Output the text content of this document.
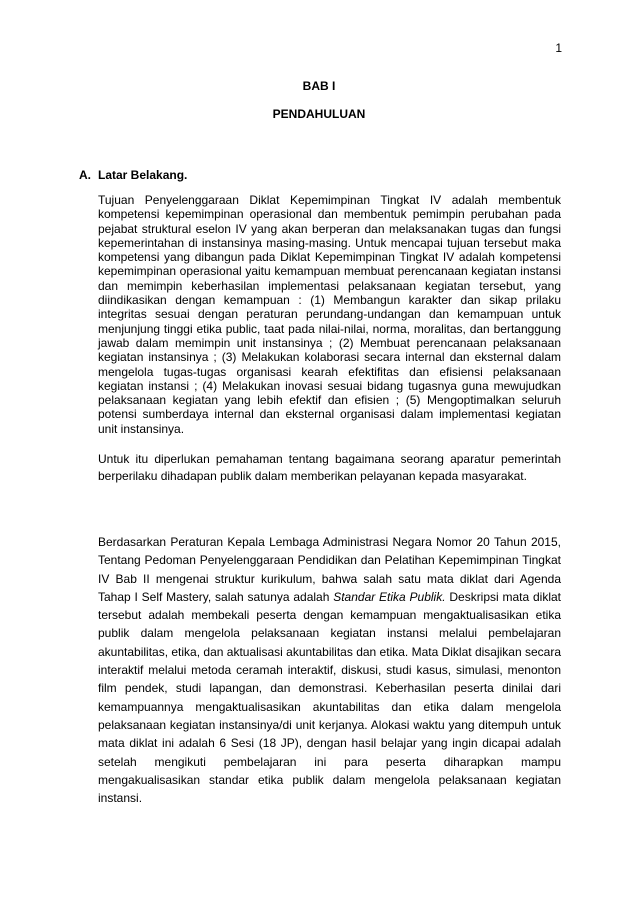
1
BAB I
PENDAHULUAN
A. Latar Belakang.

Tujuan Penyelenggaraan Diklat Kepemimpinan Tingkat IV adalah membentuk kompetensi kepemimpinan operasional dan membentuk pemimpin perubahan pada pejabat struktural eselon IV yang akan berperan dan melaksanakan tugas dan fungsi kepemerintahan di instansinya masing-masing. Untuk mencapai tujuan tersebut maka kompetensi yang dibangun pada Diklat Kepemimpinan Tingkat IV adalah kompetensi kepemimpinan operasional yaitu kemampuan membuat perencanaan kegiatan instansi dan memimpin keberhasilan implementasi pelaksanaan kegiatan tersebut, yang diindikasikan dengan kemampuan : (1) Membangun karakter dan sikap prilaku integritas sesuai dengan peraturan perundang-undangan dan kemampuan untuk menjunjung tinggi etika public, taat pada nilai-nilai, norma, moralitas, dan bertanggung jawab dalam memimpin unit instansinya ; (2) Membuat perencanaan pelaksanaan kegiatan instansinya ; (3) Melakukan kolaborasi secara internal dan eksternal dalam mengelola tugas-tugas organisasi kearah efektifitas dan efisiensi pelaksanaan kegiatan instansi ; (4) Melakukan inovasi sesuai bidang tugasnya guna mewujudkan pelaksanaan kegiatan yang lebih efektif dan efisien ; (5) Mengoptimalkan seluruh potensi sumberdaya internal dan eksternal organisasi dalam implementasi kegiatan unit instansinya.

Untuk itu diperlukan pemahaman tentang bagaimana seorang aparatur pemerintah berperilaku dihadapan publik dalam memberikan pelayanan kepada masyarakat.

Berdasarkan Peraturan Kepala Lembaga Administrasi Negara Nomor 20 Tahun 2015, Tentang Pedoman Penyelenggaraan Pendidikan dan Pelatihan Kepemimpinan Tingkat IV Bab II mengenai struktur kurikulum, bahwa salah satu mata diklat dari Agenda Tahap I Self Mastery, salah satunya adalah Standar Etika Publik. Deskripsi mata diklat tersebut adalah membekali peserta dengan kemampuan mengaktualisasikan etika publik dalam mengelola pelaksanaan kegiatan instansi melalui pembelajaran akuntabilitas, etika, dan aktualisasi akuntabilitas dan etika. Mata Diklat disajikan secara interaktif melalui metoda ceramah interaktif, diskusi, studi kasus, simulasi, menonton film pendek, studi lapangan, dan demonstrasi. Keberhasilan peserta dinilai dari kemampuannya mengaktualisasikan akuntabilitas dan etika dalam mengelola pelaksanaan kegiatan instansinya/di unit kerjanya. Alokasi waktu yang ditempuh untuk mata diklat ini adalah 6 Sesi (18 JP), dengan hasil belajar yang ingin dicapai adalah setelah mengikuti pembelajaran ini para peserta diharapkan mampu mengakualisasikan standar etika publik dalam mengelola pelaksanaan kegiatan instansi.
